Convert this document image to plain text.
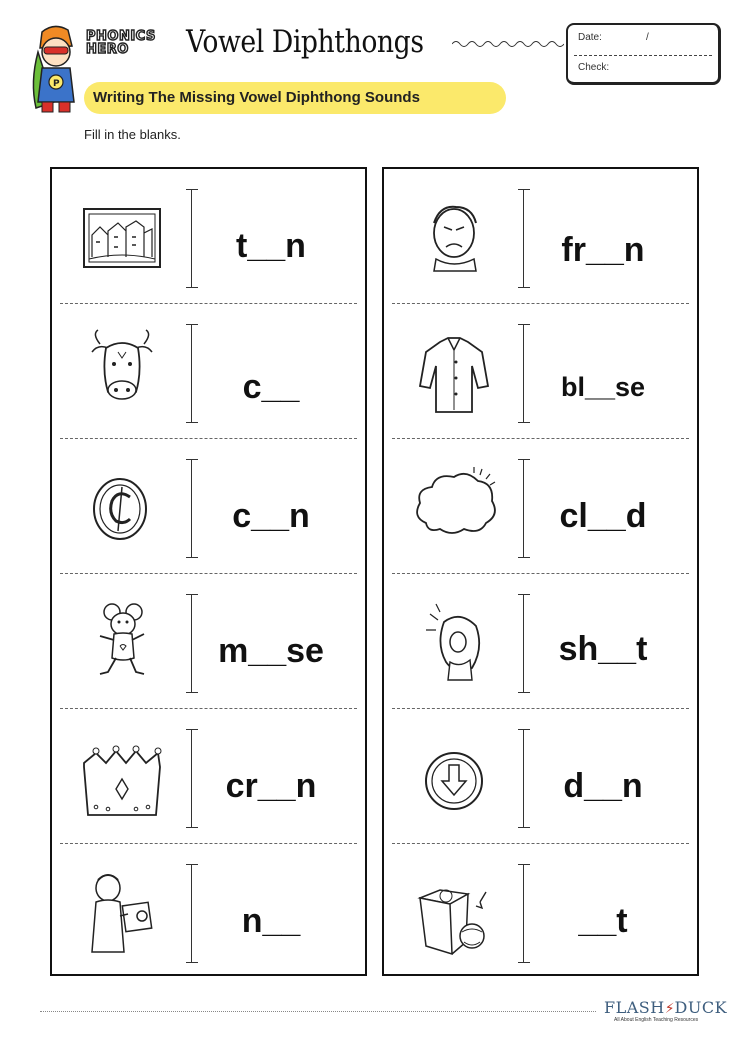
P
PHONICS
HERO	Vowel Diphthongs	Date:	/
Check:
Writing The Missing Vowel Diphthong Sounds
Fill in the blanks.
t__n
c__
c__n
m__se
cr__n
n__
fr__n
bl__se
cl__d
sh__t
d__n
__t
FLASH⚡DUCK
All About English Teaching Resources
